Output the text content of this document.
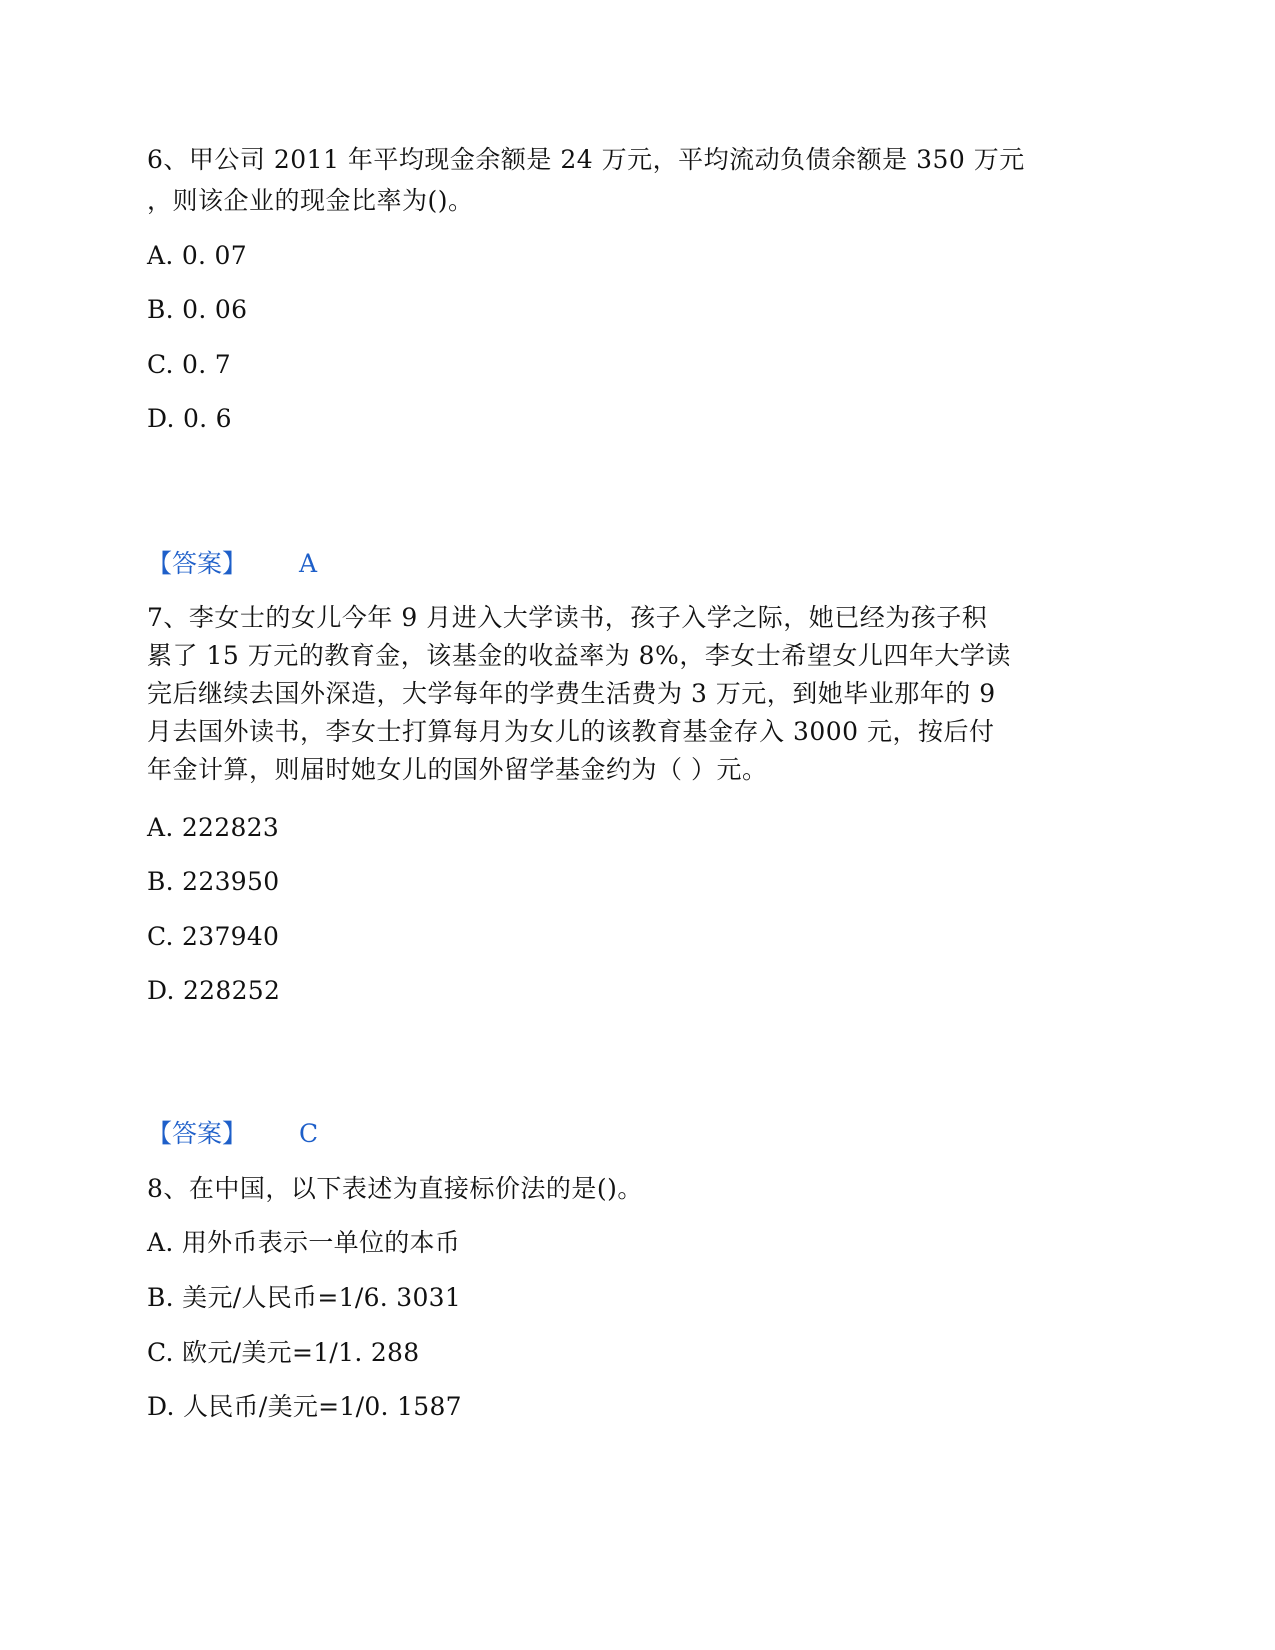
6、甲公司 2011 年平均现金余额是 24 万元，平均流动负债余额是 350 万元
，则该企业的现金比率为()。
A. 0. 07
B. 0. 06
C. 0. 7
D. 0. 6
【答案】 A
7、李女士的女儿今年 9 月进入大学读书，孩子入学之际，她已经为孩子积
累了 15 万元的教育金，该基金的收益率为 8%，李女士希望女儿四年大学读
完后继续去国外深造，大学每年的学费生活费为 3 万元，到她毕业那年的 9
月去国外读书，李女士打算每月为女儿的该教育基金存入 3000 元，按后付
年金计算，则届时她女儿的国外留学基金约为（ ）元。
A. 222823
B. 223950
C. 237940
D. 228252
【答案】 C
8、在中国，以下表述为直接标价法的是()。
A. 用外币表示一单位的本币
B. 美元/人民币=1/6. 3031
C. 欧元/美元=1/1. 288
D. 人民币/美元=1/0. 1587
